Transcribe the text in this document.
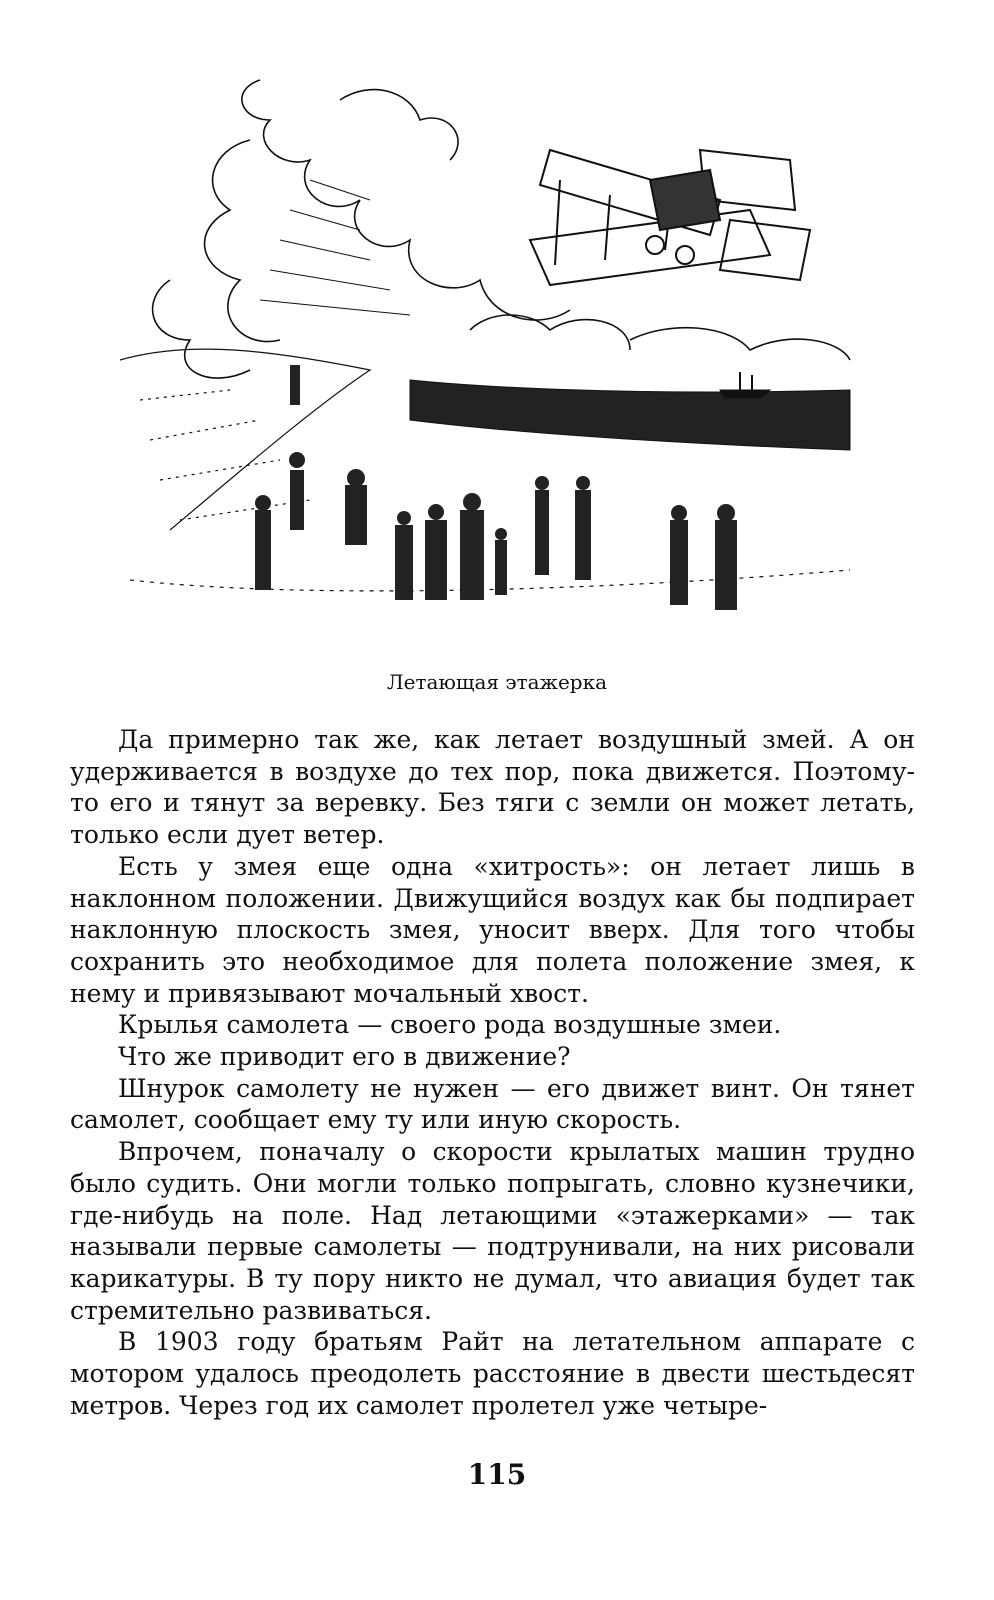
Летающая этажерка

Да примерно так же, как летает воздушный змей. А он удерживается в воздухе до тех пор, пока движется. Поэтому-то его и тянут за веревку. Без тяги с земли он может летать, только если дует ветер.

Есть у змея еще одна «хитрость»: он летает лишь в наклонном положении. Движущийся воздух как бы подпирает наклонную плоскость змея, уносит вверх. Для того чтобы сохранить это необходимое для полета положение змея, к нему и привязывают мочальный хвост.

Крылья самолета — своего рода воздушные змеи.

Что же приводит его в движение?

Шнурок самолету не нужен — его движет винт. Он тянет самолет, сообщает ему ту или иную скорость.

Впрочем, поначалу о скорости крылатых машин трудно было судить. Они могли только попрыгать, словно кузнечики, где-нибудь на поле. Над летающими «этажерками» — так называли первые самолеты — подтрунивали, на них рисовали карикатуры. В ту пору никто не думал, что авиация будет так стремительно развиваться.

В 1903 году братьям Райт на летательном аппарате с мотором удалось преодолеть расстояние в двести шестьдесят метров. Через год их самолет пролетел уже четыре-

115
